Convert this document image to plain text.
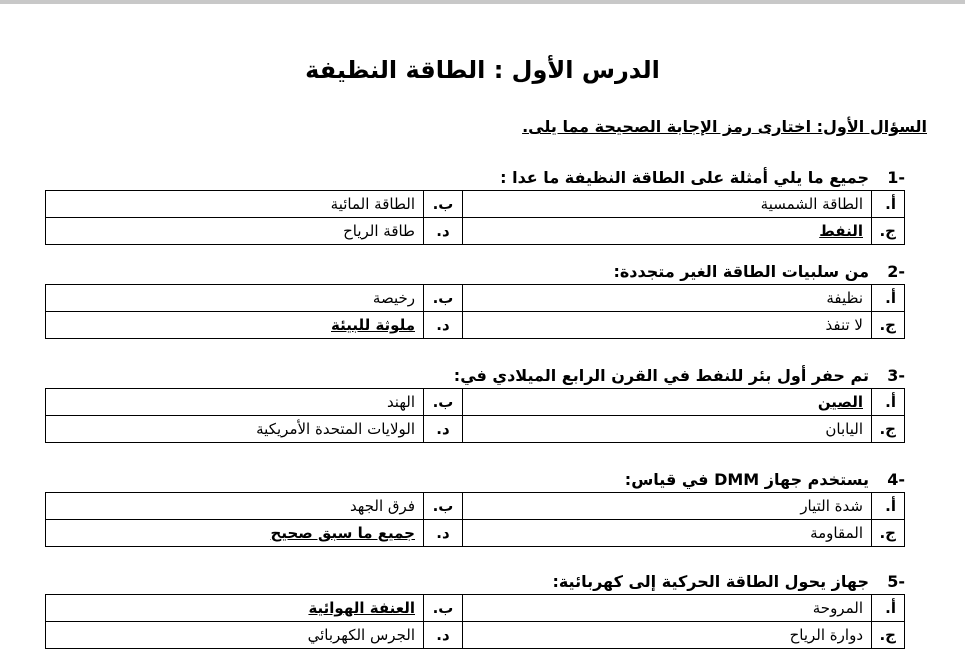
الدرس الأول : الطاقة النظيفة
السؤال الأول: اختارى رمز الإجابة الصحيحة مما يلى.
-1
جميع ما يلي أمثلة على الطاقة النظيفة ما عدا :
أ.	الطاقة الشمسية	ب.	الطاقة المائية
ج.	النفط	د.	طاقة الرياح
-2
من سلبيات الطاقة الغير متجددة:
أ.	نظيفة	ب.	رخيصة
ج.	لا تنفذ	د.	ملوثة للبيئة
-3
تم حفر أول بئر للنفط في القرن الرابع الميلادي في:
أ.	الصين	ب.	الهند
ج.	اليابان	د.	الولايات المتحدة الأمريكية
-4
يستخدم جهاز DMM في قياس:
أ.	شدة التيار	ب.	فرق الجهد
ج.	المقاومة	د.	جميع ما سبق صحيح
-5
جهاز يحول الطاقة الحركية إلى كهربائية:
أ.	المروحة	ب.	العنفة الهوائية
ج.	دوارة الرياح	د.	الجرس الكهربائي
